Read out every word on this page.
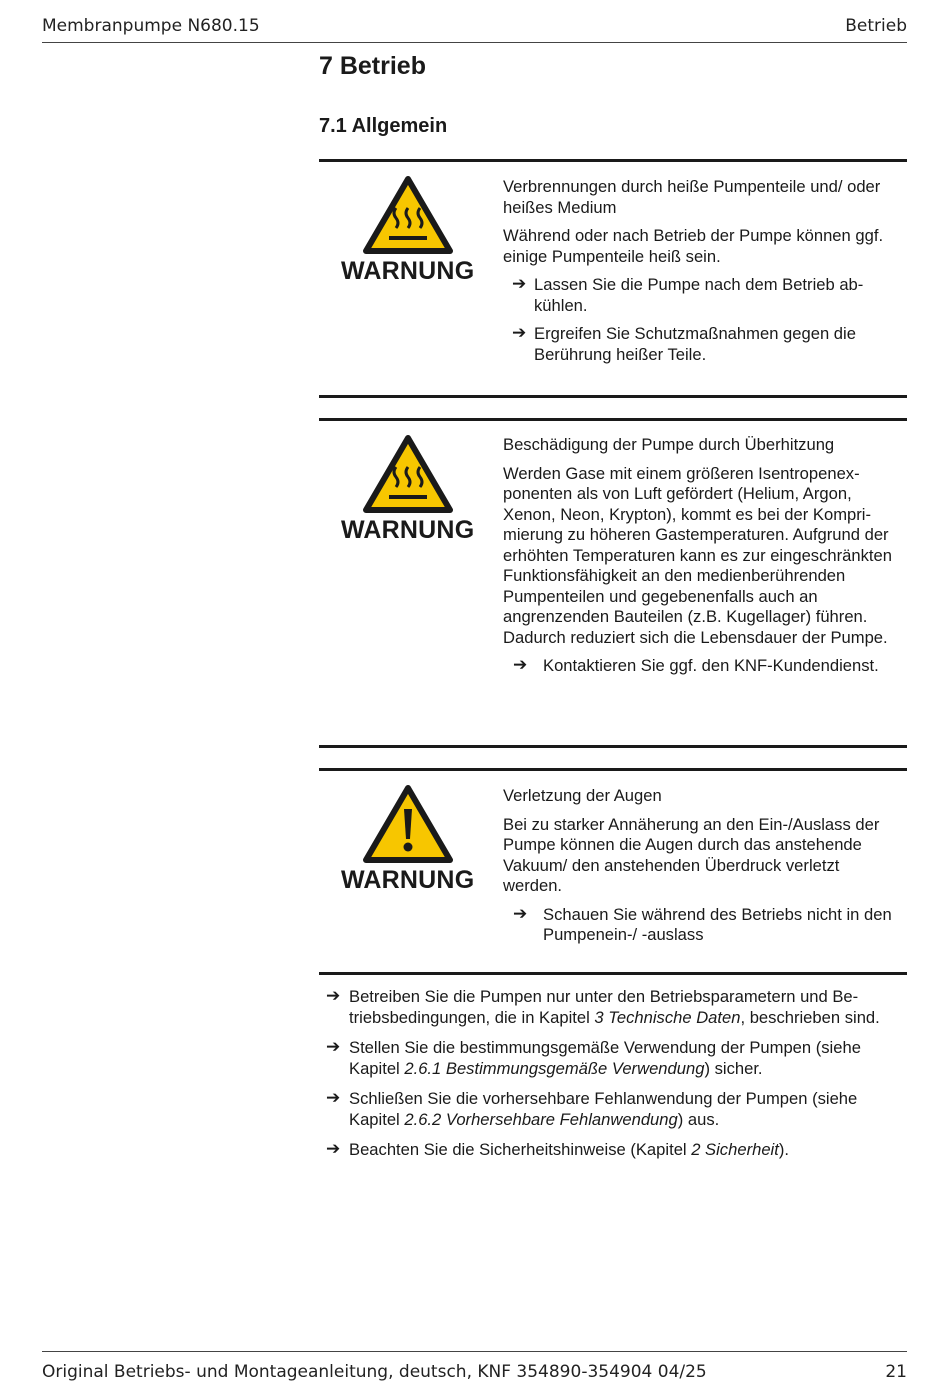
Membranpumpe N680.15	Betrieb
7 Betrieb
7.1 Allgemein
WARNUNG

Verbrennungen durch heiße Pumpenteile und/ oder heißes Medium

Während oder nach Betrieb der Pumpe können ggf. einige Pumpenteile heiß sein.

➔ Lassen Sie die Pumpe nach dem Betrieb abkühlen.
➔ Ergreifen Sie Schutzmaßnahmen gegen die Berührung heißer Teile.
WARNUNG

Beschädigung der Pumpe durch Überhitzung

Werden Gase mit einem größeren Isentropenexponenten als von Luft gefördert (Helium, Argon, Xenon, Neon, Krypton), kommt es bei der Komprimierung zu höheren Gastemperaturen. Aufgrund der erhöhten Temperaturen kann es zur eingeschränkten Funktionsfähigkeit an den medienberührenden Pumpenteilen und gegebenenfalls auch an angrenzenden Bauteilen (z.B. Kugellager) führen. Dadurch reduziert sich die Lebensdauer der Pumpe.

➔ Kontaktieren Sie ggf. den KNF-Kundendienst.
WARNUNG

Verletzung der Augen

Bei zu starker Annäherung an den Ein-/Auslass der Pumpe können die Augen durch das anstehende Vakuum/ den anstehenden Überdruck verletzt werden.

➔ Schauen Sie während des Betriebs nicht in den Pumpenein-/ -auslass
➔ Betreiben Sie die Pumpen nur unter den Betriebsparametern und Betriebsbedingungen, die in Kapitel 3 Technische Daten, beschrieben sind.
➔ Stellen Sie die bestimmungsgemäße Verwendung der Pumpen (siehe Kapitel 2.6.1 Bestimmungsgemäße Verwendung) sicher.
➔ Schließen Sie die vorhersehbare Fehlanwendung der Pumpen (siehe Kapitel 2.6.2 Vorhersehbare Fehlanwendung) aus.
➔ Beachten Sie die Sicherheitshinweise (Kapitel 2 Sicherheit).
Original Betriebs- und Montageanleitung, deutsch, KNF 354890-354904 04/25	21
